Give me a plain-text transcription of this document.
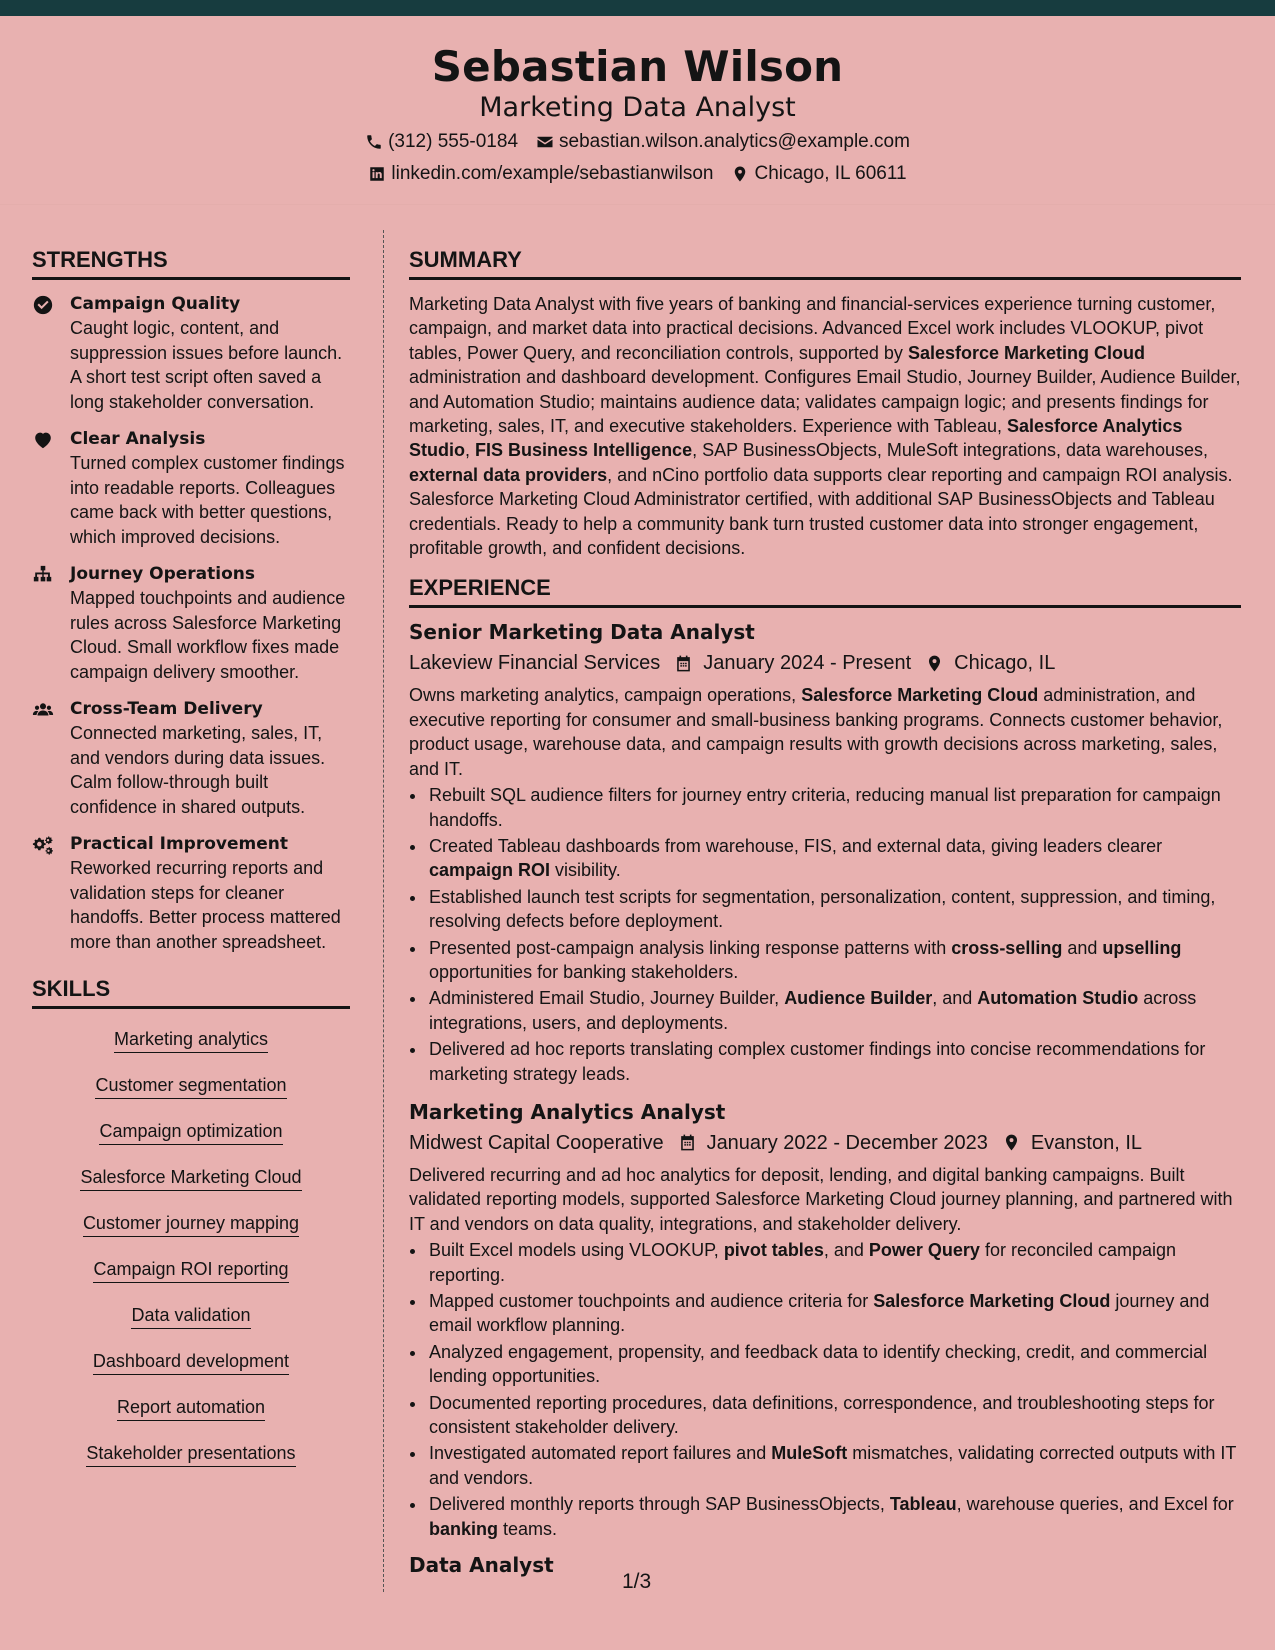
Sebastian Wilson
Marketing Data Analyst
(312) 555-0184 sebastian.wilson.analytics@example.com
linkedin.com/example/sebastianwilson Chicago, IL 60611
STRENGTHS
Campaign Quality
Caught logic, content, and suppression issues before launch. A short test script often saved a long stakeholder conversation.
Clear Analysis
Turned complex customer findings into readable reports. Colleagues came back with better questions, which improved decisions.
Journey Operations
Mapped touchpoints and audience rules across Salesforce Marketing Cloud. Small workflow fixes made campaign delivery smoother.
Cross-Team Delivery
Connected marketing, sales, IT, and vendors during data issues. Calm follow-through built confidence in shared outputs.
Practical Improvement
Reworked recurring reports and validation steps for cleaner handoffs. Better process mattered more than another spreadsheet.
SKILLS
Marketing analytics
Customer segmentation
Campaign optimization
Salesforce Marketing Cloud
Customer journey mapping
Campaign ROI reporting
Data validation
Dashboard development
Report automation
Stakeholder presentations
SUMMARY
Marketing Data Analyst with five years of banking and financial-services experience turning customer, campaign, and market data into practical decisions. Advanced Excel work includes VLOOKUP, pivot tables, Power Query, and reconciliation controls, supported by Salesforce Marketing Cloud administration and dashboard development. Configures Email Studio, Journey Builder, Audience Builder, and Automation Studio; maintains audience data; validates campaign logic; and presents findings for marketing, sales, IT, and executive stakeholders. Experience with Tableau, Salesforce Analytics Studio, FIS Business Intelligence, SAP BusinessObjects, MuleSoft integrations, data warehouses, external data providers, and nCino portfolio data supports clear reporting and campaign ROI analysis. Salesforce Marketing Cloud Administrator certified, with additional SAP BusinessObjects and Tableau credentials. Ready to help a community bank turn trusted customer data into stronger engagement, profitable growth, and confident decisions.
EXPERIENCE
Senior Marketing Data Analyst
Lakeview Financial Services January 2024 - Present Chicago, IL
Owns marketing analytics, campaign operations, Salesforce Marketing Cloud administration, and executive reporting for consumer and small-business banking programs. Connects customer behavior, product usage, warehouse data, and campaign results with growth decisions across marketing, sales, and IT.
• Rebuilt SQL audience filters for journey entry criteria, reducing manual list preparation for campaign handoffs.
• Created Tableau dashboards from warehouse, FIS, and external data, giving leaders clearer campaign ROI visibility.
• Established launch test scripts for segmentation, personalization, content, suppression, and timing, resolving defects before deployment.
• Presented post-campaign analysis linking response patterns with cross-selling and upselling opportunities for banking stakeholders.
• Administered Email Studio, Journey Builder, Audience Builder, and Automation Studio across integrations, users, and deployments.
• Delivered ad hoc reports translating complex customer findings into concise recommendations for marketing strategy leads.
Marketing Analytics Analyst
Midwest Capital Cooperative January 2022 - December 2023 Evanston, IL
Delivered recurring and ad hoc analytics for deposit, lending, and digital banking campaigns. Built validated reporting models, supported Salesforce Marketing Cloud journey planning, and partnered with IT and vendors on data quality, integrations, and stakeholder delivery.
• Built Excel models using VLOOKUP, pivot tables, and Power Query for reconciled campaign reporting.
• Mapped customer touchpoints and audience criteria for Salesforce Marketing Cloud journey and email workflow planning.
• Analyzed engagement, propensity, and feedback data to identify checking, credit, and commercial lending opportunities.
• Documented reporting procedures, data definitions, correspondence, and troubleshooting steps for consistent stakeholder delivery.
• Investigated automated report failures and MuleSoft mismatches, validating corrected outputs with IT and vendors.
• Delivered monthly reports through SAP BusinessObjects, Tableau, warehouse queries, and Excel for banking teams.
Data Analyst
1/3
